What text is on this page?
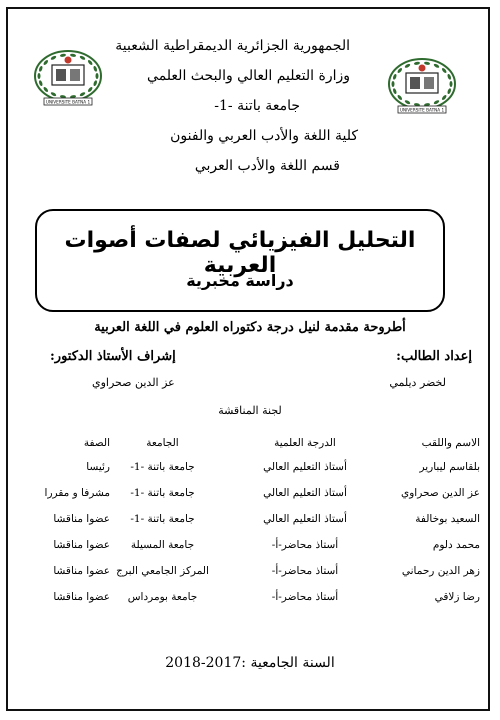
UNIVERSITE BATNA 1
UNIVERSITE BATNA 1
الجمهورية الجزائرية الديمقراطية الشعبية
وزارة التعليم العالي والبحث العلمي
جامعة باتنة -1-
كلية اللغة والأدب العربي والفنون
قسم اللغة والأدب العربي
التحليل الفيزيائي لصفات أصوات العربية
دراسة مخبرية
أطروحة مقدمة لنيل درجة دكتوراه العلوم في اللغة العربية
إعداد الطالب:
إشراف الأستاذ الدكتور:
لخضر ديلمي
عز الدين صحراوي
لجنة المناقشة
الاسم واللقب
الدرجة العلمية
الجامعة
الصفة
بلقاسم ليبارير
أستاذ التعليم العالي
جامعة باتنة -1-
رئيسا
عز الدين صحراوي
أستاذ التعليم العالي
جامعة باتنة -1-
مشرفا و مقررا
السعيد بوخالفة
أستاذ التعليم العالي
جامعة باتنة -1-
عضوا مناقشا
محمد دلوم
أستاذ محاضر-أ-
جامعة المسيلة
عضوا مناقشا
زهر الدين رحماني
أستاذ محاضر-أ-
المركز الجامعي البرج
عضوا مناقشا
رضا زلاقي
أستاذ محاضر-أ-
جامعة بومرداس
عضوا مناقشا
السنة الجامعية :2017-2018
